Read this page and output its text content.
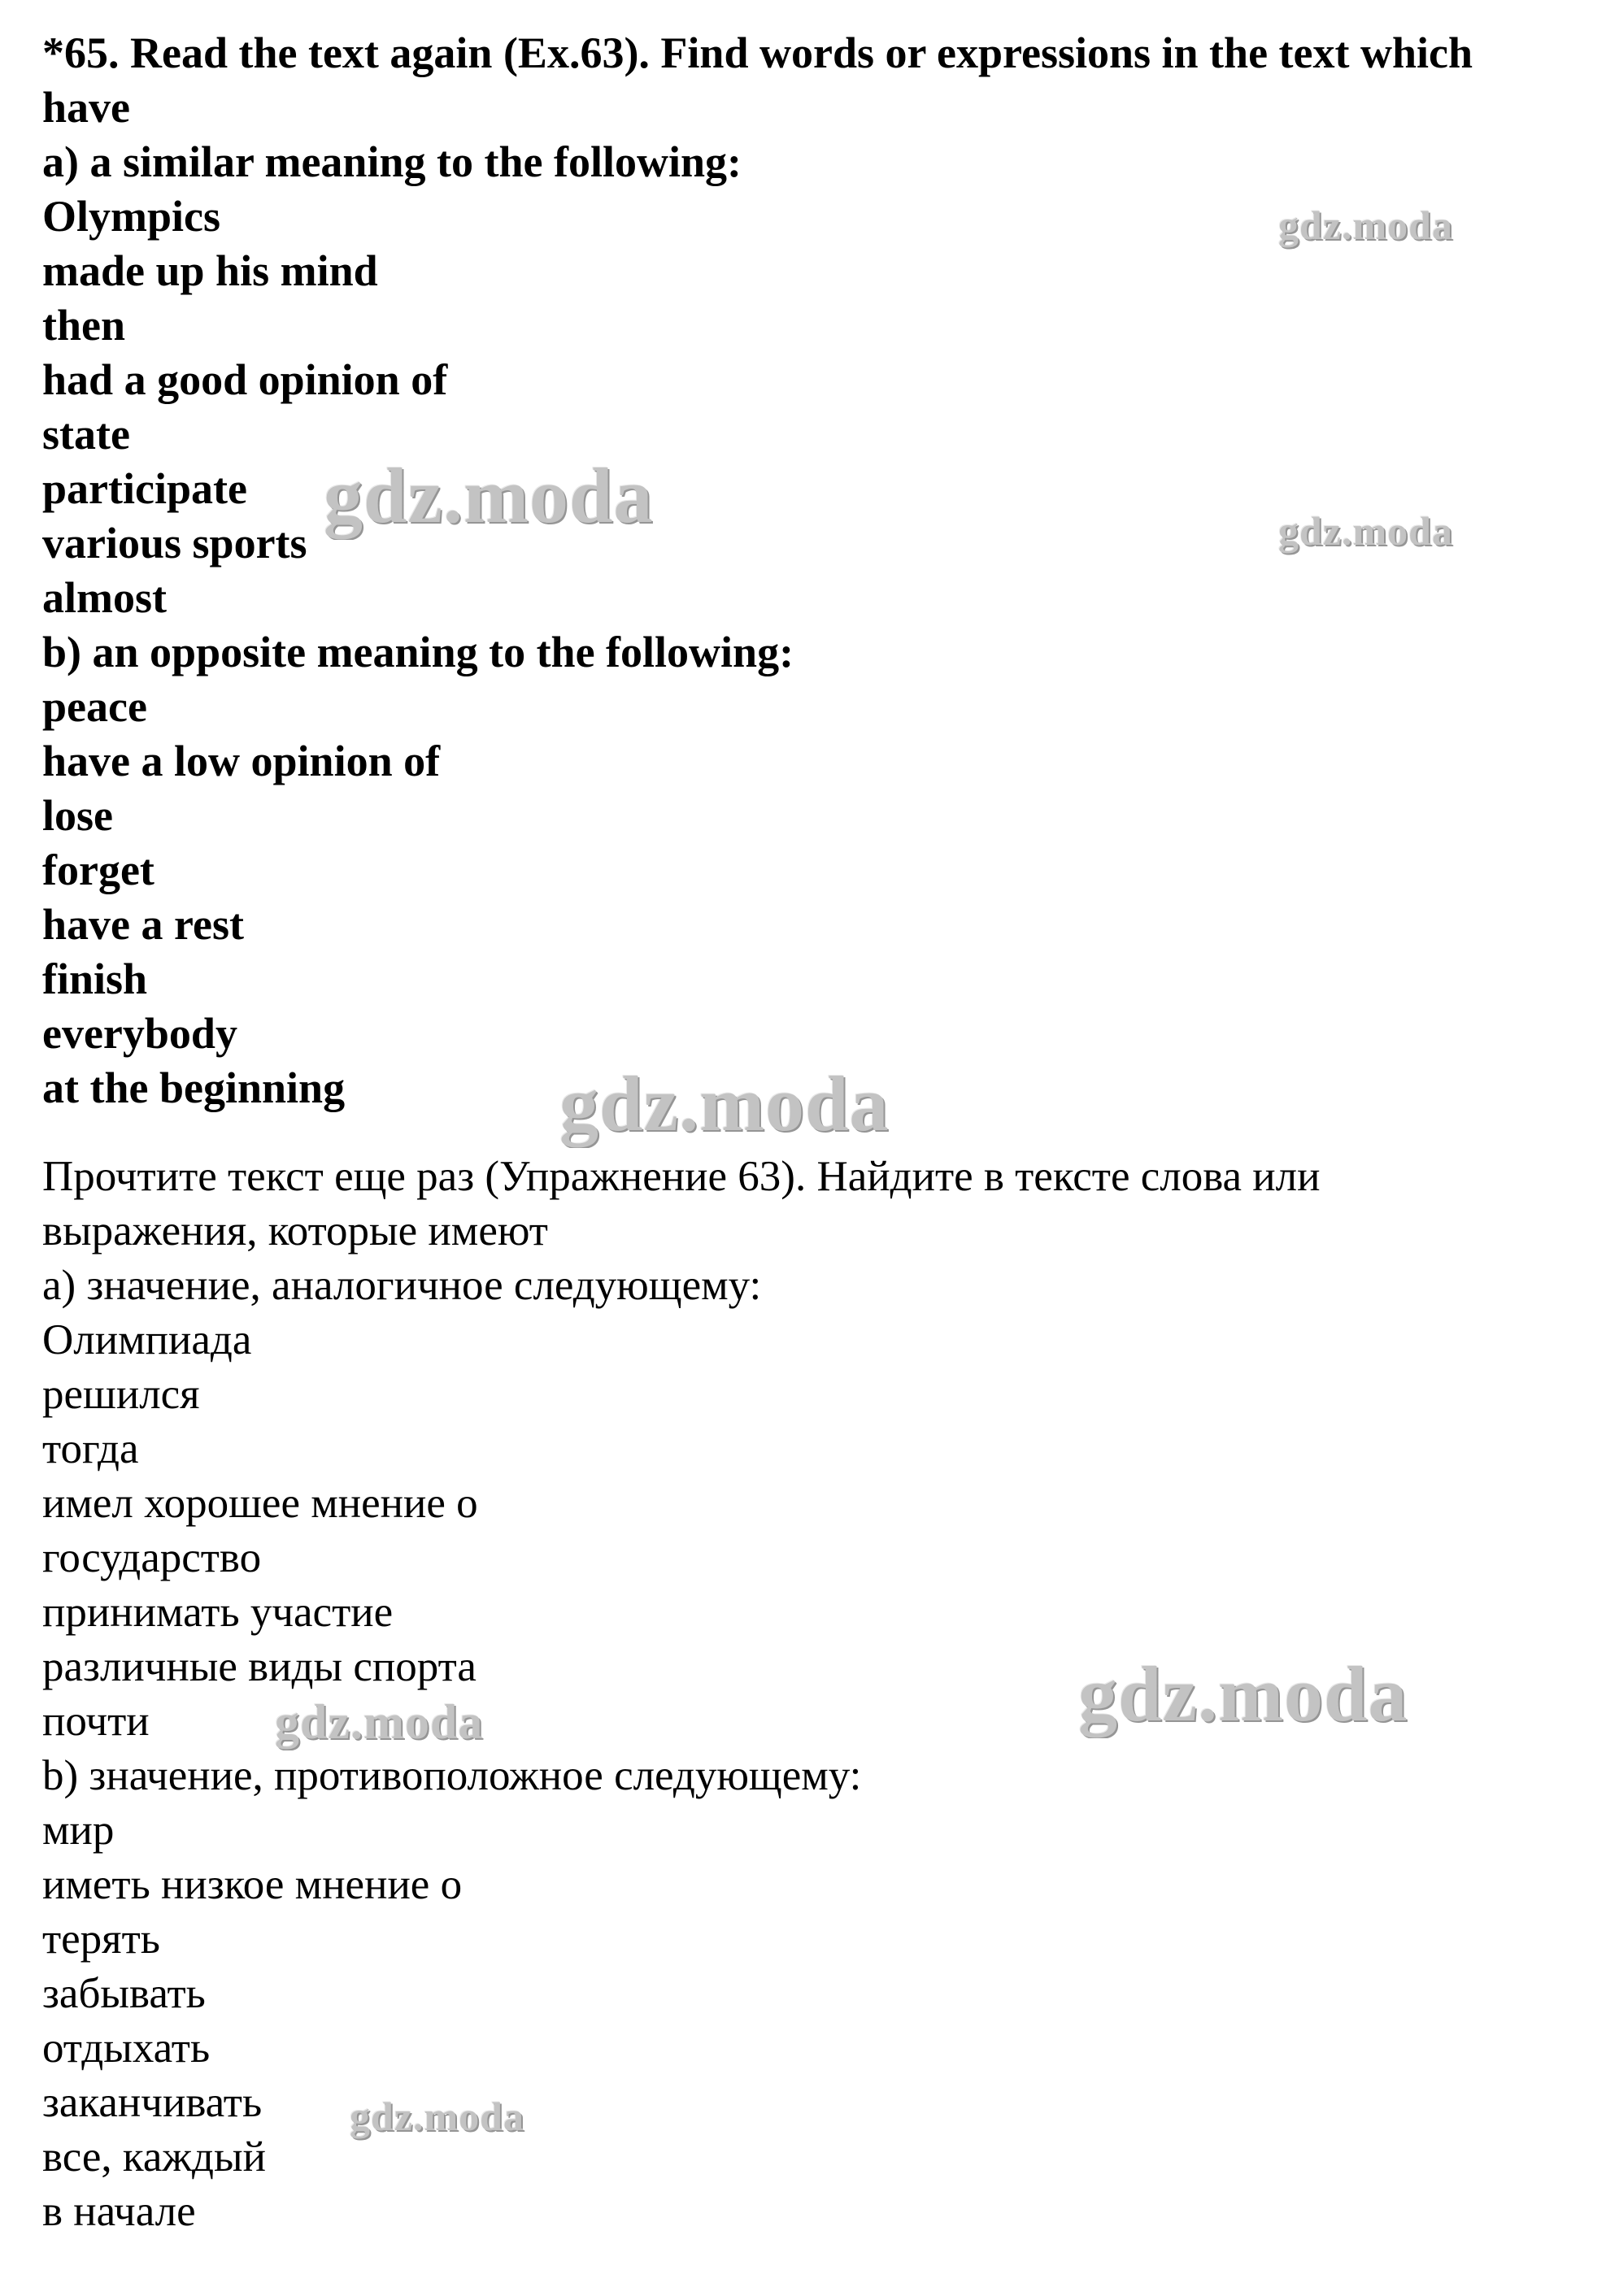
*65. Read the text again (Ex.63). Find words or expressions in the text which
have
a) a similar meaning to the following:
Olympics
made up his mind
then
had a good opinion of
state
participate
various sports
almost
b) an opposite meaning to the following:
peace
have a low opinion of
lose
forget
have a rest
finish
everybody
at the beginning
Прочтите текст еще раз (Упражнение 63). Найдите в тексте слова или
выражения, которые имеют
a) значение, аналогичное следующему:
Олимпиада
решился
тогда
имел хорошее мнение о
государство
принимать участие
различные виды спорта
почти
b) значение, противоположное следующему:
мир
иметь низкое мнение о
терять
забывать
отдыхать
заканчивать
все, каждый
в начале
gdz.moda
gdz.moda	gdz.moda
gdz.moda
gdz.moda
gdz.moda
gdz.moda
